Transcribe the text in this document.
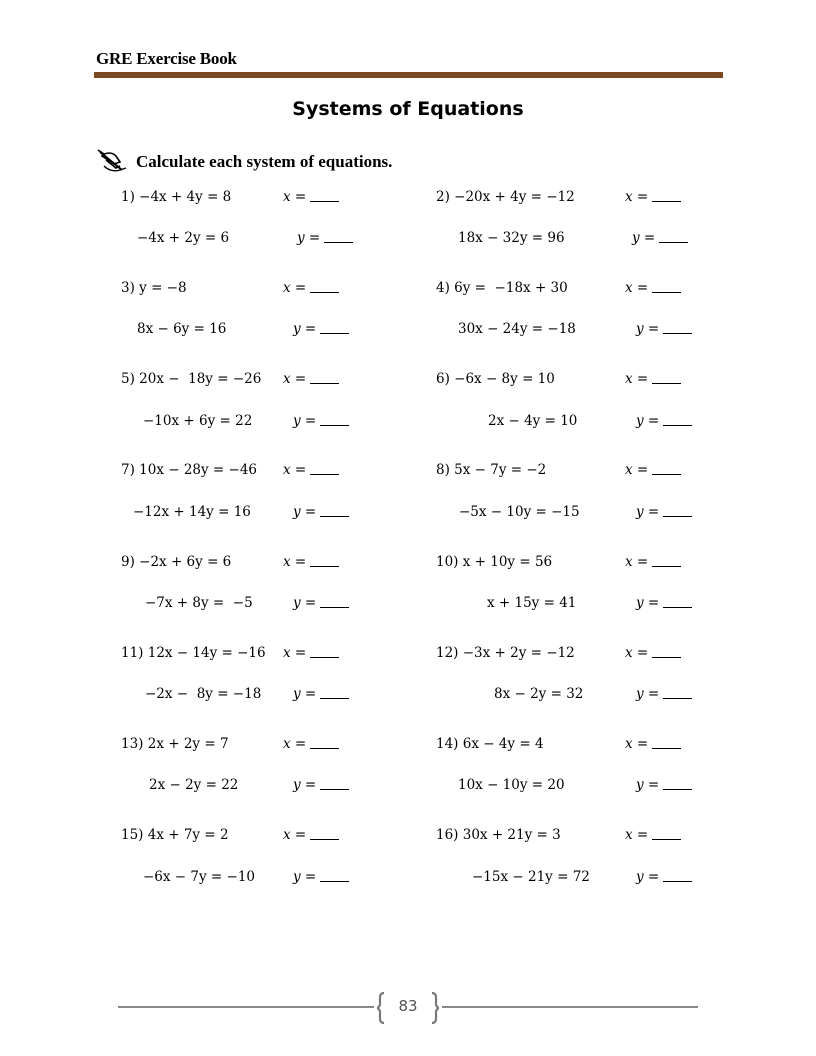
GRE Exercise Book
Systems of Equations
Calculate each system of equations.
1) −4x + 4y = 8
−4x + 2y = 6
x =
y =
2) −20x + 4y = −12
18x − 32y = 96
x =
y =
3) y = −8
8x − 6y = 16
x =
y =
4) 6y =  −18x + 30
30x − 24y = −18
x =
y =
5) 20x −  18y = −26
−10x + 6y = 22
x =
y =
6) −6x − 8y = 10
2x − 4y = 10
x =
y =
7) 10x − 28y = −46
−12x + 14y = 16
x =
y =
8) 5x − 7y = −2
−5x − 10y = −15
x =
y =
9) −2x + 6y = 6
−7x + 8y =  −5
x =
y =
10) x + 10y = 56
x + 15y = 41
x =
y =
11) 12x − 14y = −16
−2x −  8y = −18
x =
y =
12) −3x + 2y = −12
8x − 2y = 32
x =
y =
13) 2x + 2y = 7
2x − 2y = 22
x =
y =
14) 6x − 4y = 4
10x − 10y = 20
x =
y =
15) 4x + 7y = 2
−6x − 7y = −10
x =
y =
16) 30x + 21y = 3
−15x − 21y = 72
x =
y =
83
